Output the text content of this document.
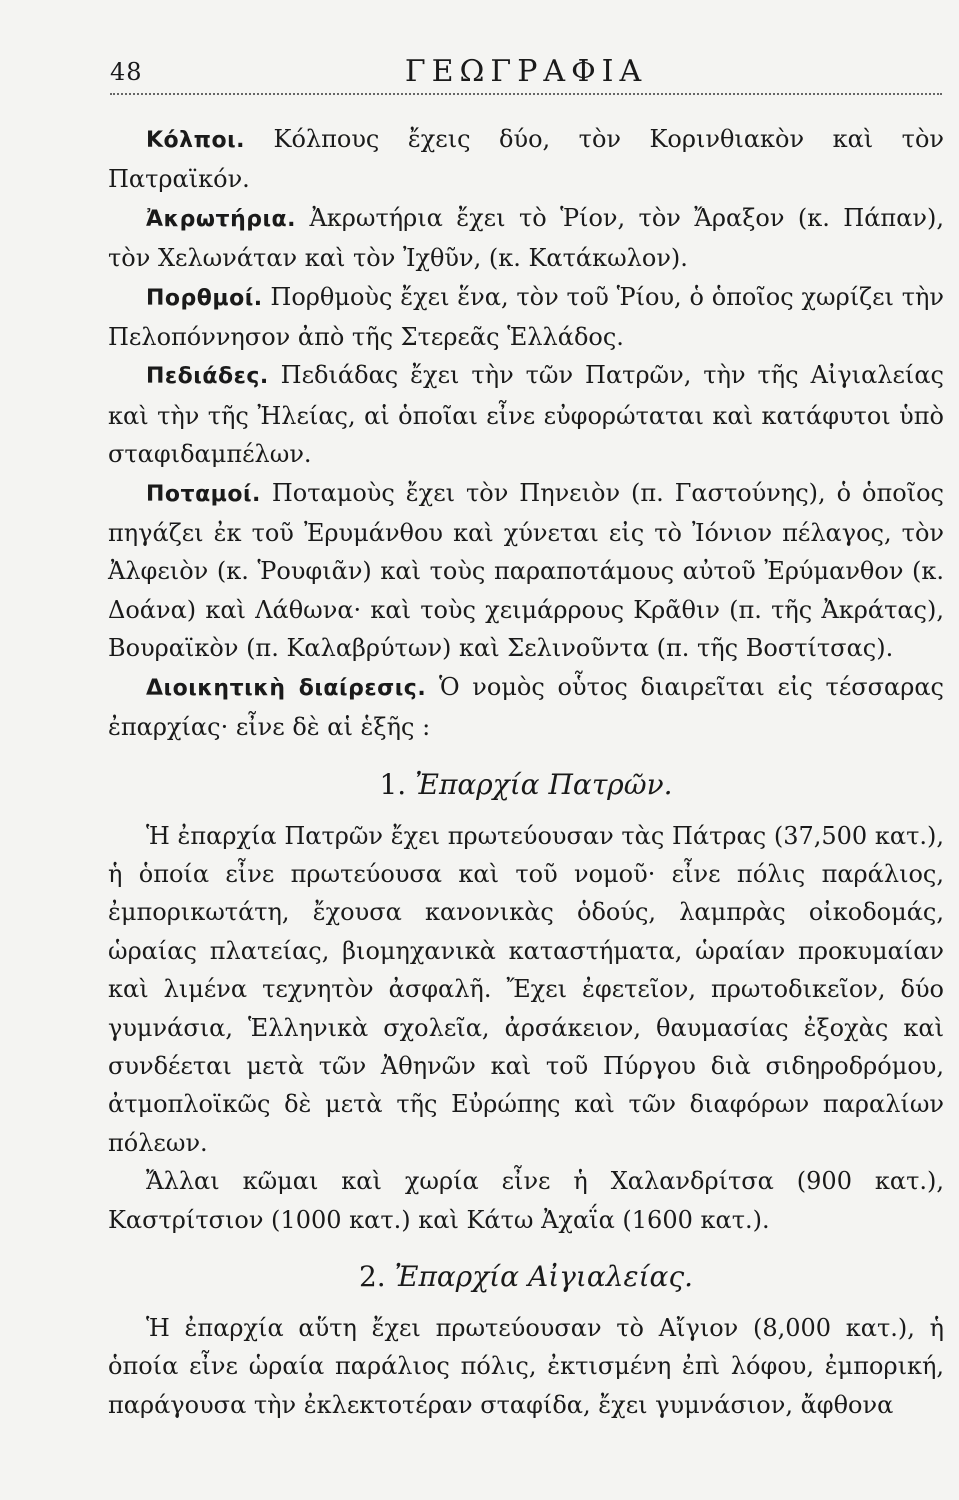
48	ΓΕΩΓΡΑΦΙΑ

Κόλποι. Κόλπους ἔχεις δύο, τὸν Κορινθιακὸν καὶ τὸν Πατραϊκόν.

Ἀκρωτήρια. Ἀκρωτήρια ἔχει τὸ Ῥίον, τὸν Ἄραξον (κ. Πάπαν), τὸν Χελωνάταν καὶ τὸν Ἰχθῦν, (κ. Κατάκωλον).

Πορθμοί. Πορθμοὺς ἔχει ἕνα, τὸν τοῦ Ῥίου, ὁ ὁποῖος χωρίζει τὴν Πελοπόννησον ἀπὸ τῆς Στερεᾶς Ἑλλάδος.

Πεδιάδες. Πεδιάδας ἔχει τὴν τῶν Πατρῶν, τὴν τῆς Αἰγιαλείας καὶ τὴν τῆς Ἠλείας, αἱ ὁποῖαι εἶνε εὐφορώταται καὶ κατάφυτοι ὑπὸ σταφιδαμπέλων.

Ποταμοί. Ποταμοὺς ἔχει τὸν Πηνειὸν (π. Γαστούνης), ὁ ὁποῖος πηγάζει ἐκ τοῦ Ἐρυμάνθου καὶ χύνεται εἰς τὸ Ἰόνιον πέλαγος, τὸν Ἀλφειὸν (κ. Ῥουφιᾶν) καὶ τοὺς παραποτάμους αὐτοῦ Ἐρύμανθον (κ. Δοάνα) καὶ Λάθωνα· καὶ τοὺς χειμάρρους Κρᾶθιν (π. τῆς Ἀκράτας), Βουραϊκὸν (π. Καλαβρύτων) καὶ Σελινοῦντα (π. τῆς Βοστίτσας).

Διοικητικὴ διαίρεσις. Ὁ νομὸς οὗτος διαιρεῖται εἰς τέσσαρας ἐπαρχίας· εἶνε δὲ αἱ ἑξῆς :

1. Ἐπαρχία Πατρῶν.

Ἡ ἐπαρχία Πατρῶν ἔχει πρωτεύουσαν τὰς Πάτρας (37,500 κατ.), ἡ ὁποία εἶνε πρωτεύουσα καὶ τοῦ νομοῦ· εἶνε πόλις παράλιος, ἐμπορικωτάτη, ἔχουσα κανονικὰς ὁδούς, λαμπρὰς οἰκοδομάς, ὡραίας πλατείας, βιομηχανικὰ καταστήματα, ὡραίαν προκυμαίαν καὶ λιμένα τεχνητὸν ἀσφαλῆ. Ἔχει ἐφετεῖον, πρωτοδικεῖον, δύο γυμνάσια, Ἑλληνικὰ σχολεῖα, ἀρσάκειον, θαυμασίας ἐξοχὰς καὶ συνδέεται μετὰ τῶν Ἀθηνῶν καὶ τοῦ Πύργου διὰ σιδηροδρόμου, ἀτμοπλοϊκῶς δὲ μετὰ τῆς Εὐρώπης καὶ τῶν διαφόρων παραλίων πόλεων.

Ἄλλαι κῶμαι καὶ χωρία εἶνε ἡ Χαλανδρίτσα (900 κατ.), Καστρίτσιον (1000 κατ.) καὶ Κάτω Ἀχαΐα (1600 κατ.).

2. Ἐπαρχία Αἰγιαλείας.

Ἡ ἐπαρχία αὕτη ἔχει πρωτεύουσαν τὸ Αἴγιον (8,000 κατ.), ἡ ὁποία εἶνε ὡραία παράλιος πόλις, ἐκτισμένη ἐπὶ λόφου, ἐμπορική, παράγουσα τὴν ἐκλεκτοτέραν σταφίδα, ἔχει γυμνάσιον, ἄφθονα
